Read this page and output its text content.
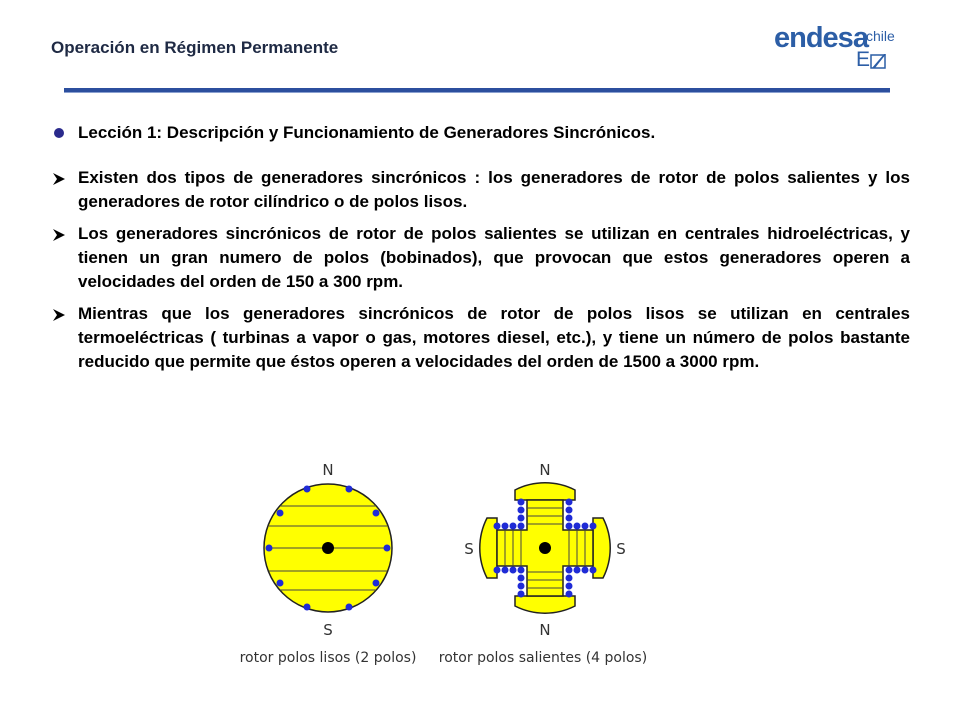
Operación en Régimen Permanente	endesa
chile
E
Lección 1: Descripción y Funcionamiento de Generadores Sincrónicos.
Existen dos tipos de generadores sincrónicos : los generadores de rotor de polos salientes y los generadores de rotor cilíndrico o de polos lisos.
Los generadores sincrónicos de rotor de polos salientes se utilizan en centrales hidroeléctricas, y tienen un gran numero de polos (bobinados), que provocan que estos generadores operen a velocidades del orden de 150 a 300 rpm.
Mientras que los generadores sincrónicos de rotor de polos lisos se utilizan en centrales termoeléctricas ( turbinas a vapor o gas, motores diesel, etc.), y tiene un número de polos bastante reducido que permite que éstos operen a velocidades del orden de 1500 a 3000 rpm.
N
S
rotor polos lisos (2 polos)
N
N
S	S
rotor polos salientes (4 polos)
